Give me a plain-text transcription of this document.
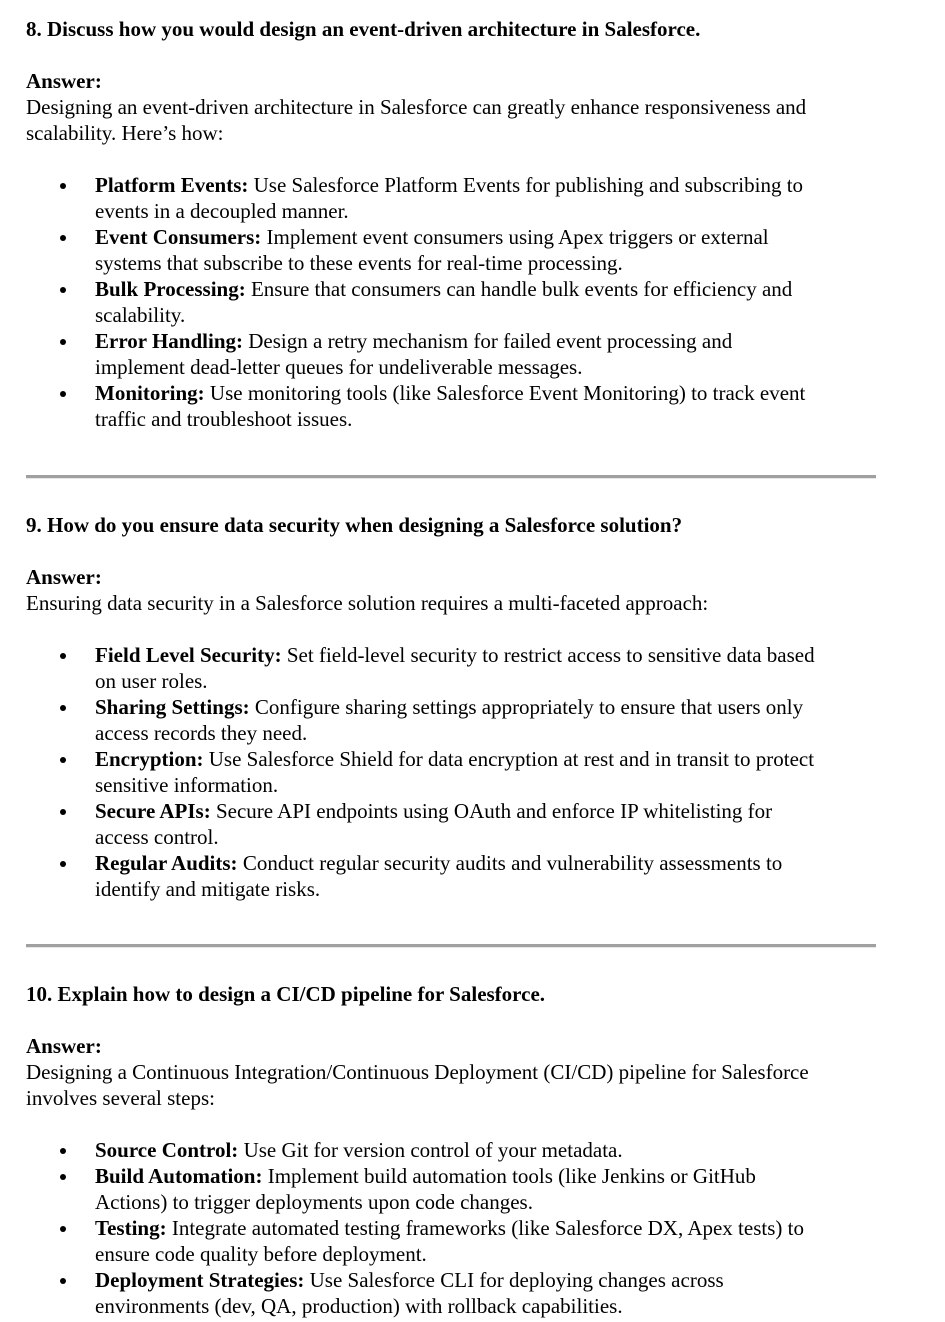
8. Discuss how you would design an event-driven architecture in Salesforce.

Answer:

Designing an event-driven architecture in Salesforce can greatly enhance responsiveness and
scalability. Here’s how:

Platform Events: Use Salesforce Platform Events for publishing and subscribing to
events in a decoupled manner.
Event Consumers: Implement event consumers using Apex triggers or external
systems that subscribe to these events for real-time processing.
Bulk Processing: Ensure that consumers can handle bulk events for efficiency and
scalability.
Error Handling: Design a retry mechanism for failed event processing and
implement dead-letter queues for undeliverable messages.
Monitoring: Use monitoring tools (like Salesforce Event Monitoring) to track event
traffic and troubleshoot issues.

9. How do you ensure data security when designing a Salesforce solution?

Answer:

Ensuring data security in a Salesforce solution requires a multi-faceted approach:

Field Level Security: Set field-level security to restrict access to sensitive data based
on user roles.
Sharing Settings: Configure sharing settings appropriately to ensure that users only
access records they need.
Encryption: Use Salesforce Shield for data encryption at rest and in transit to protect
sensitive information.
Secure APIs: Secure API endpoints using OAuth and enforce IP whitelisting for
access control.
Regular Audits: Conduct regular security audits and vulnerability assessments to
identify and mitigate risks.

10. Explain how to design a CI/CD pipeline for Salesforce.

Answer:

Designing a Continuous Integration/Continuous Deployment (CI/CD) pipeline for Salesforce
involves several steps:

Source Control: Use Git for version control of your metadata.
Build Automation: Implement build automation tools (like Jenkins or GitHub
Actions) to trigger deployments upon code changes.
Testing: Integrate automated testing frameworks (like Salesforce DX, Apex tests) to
ensure code quality before deployment.
Deployment Strategies: Use Salesforce CLI for deploying changes across
environments (dev, QA, production) with rollback capabilities.
